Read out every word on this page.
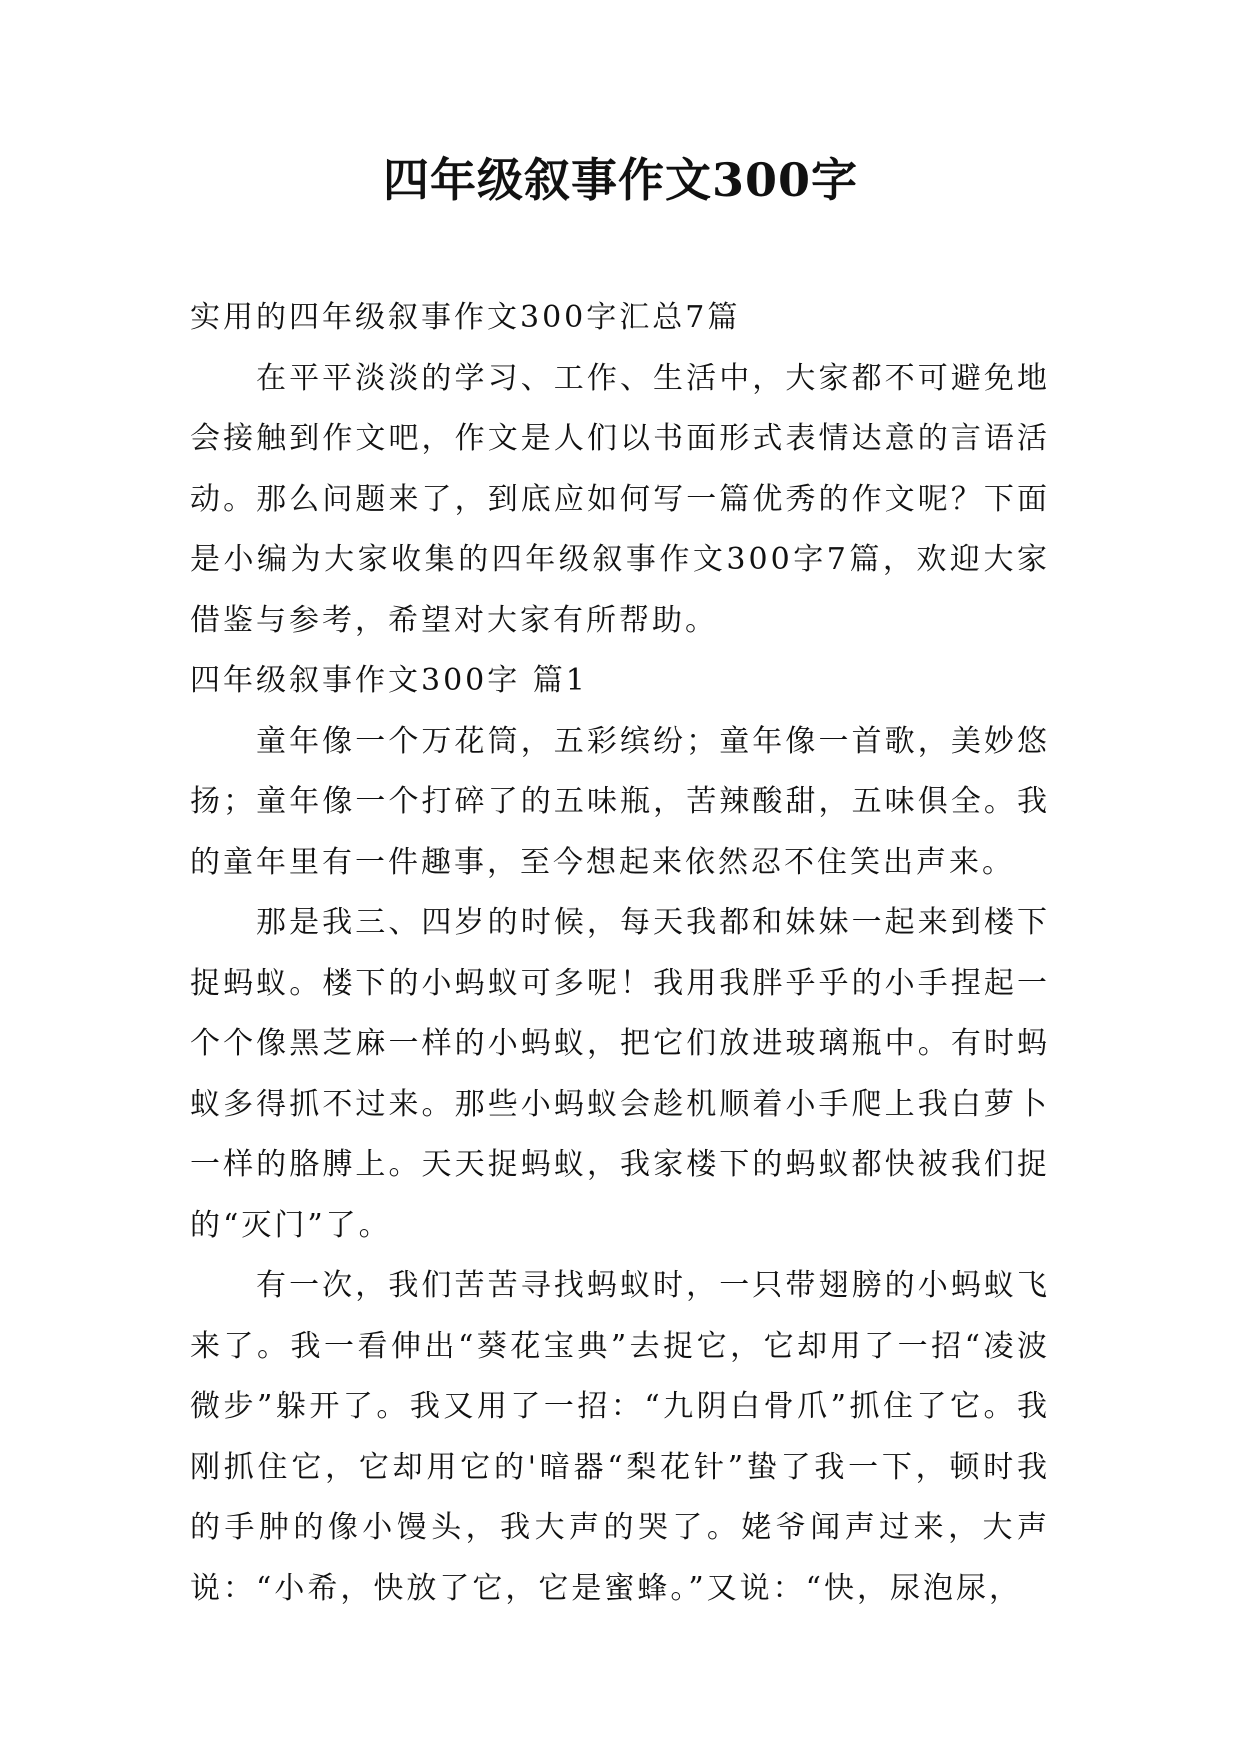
四年级叙事作文300字

实用的四年级叙事作文300字汇总7篇

在平平淡淡的学习、工作、生活中，大家都不可避免地会接触到作文吧，作文是人们以书面形式表情达意的言语活动。那么问题来了，到底应如何写一篇优秀的作文呢？下面是小编为大家收集的四年级叙事作文300字7篇，欢迎大家借鉴与参考，希望对大家有所帮助。

四年级叙事作文300字 篇1

童年像一个万花筒，五彩缤纷；童年像一首歌，美妙悠扬；童年像一个打碎了的五味瓶，苦辣酸甜，五味俱全。我的童年里有一件趣事，至今想起来依然忍不住笑出声来。

那是我三、四岁的时候，每天我都和妹妹一起来到楼下捉蚂蚁。楼下的小蚂蚁可多呢！我用我胖乎乎的小手捏起一个个像黑芝麻一样的小蚂蚁，把它们放进玻璃瓶中。有时蚂蚁多得抓不过来。那些小蚂蚁会趁机顺着小手爬上我白萝卜一样的胳膊上。天天捉蚂蚁，我家楼下的蚂蚁都快被我们捉的“灭门”了。

有一次，我们苦苦寻找蚂蚁时，一只带翅膀的小蚂蚁飞来了。我一看伸出“葵花宝典”去捉它，它却用了一招“凌波微步”躲开了。我又用了一招：“九阴白骨爪”抓住了它。我刚抓住它，它却用它的'暗器“梨花针”蛰了我一下，顿时我的手肿的像小馒头，我大声的哭了。姥爷闻声过来，大声说：“小希，快放了它，它是蜜蜂。”又说：“快，尿泡尿，
